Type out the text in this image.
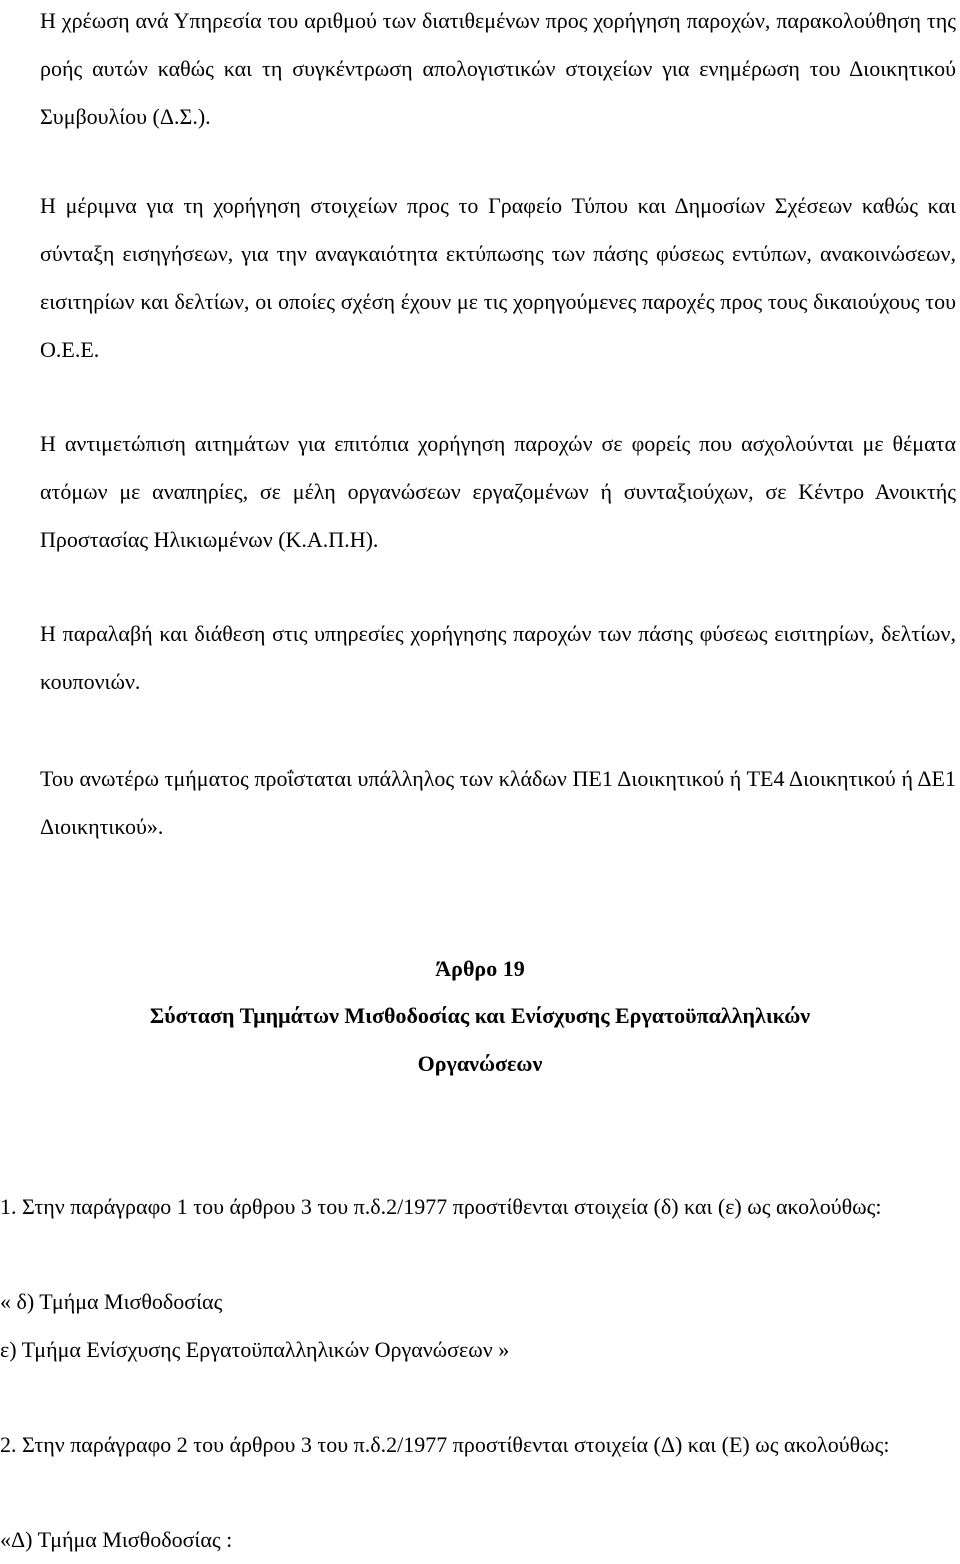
Η χρέωση ανά Υπηρεσία του αριθμού των διατιθεμένων προς χορήγηση παροχών, παρακολούθηση της ροής αυτών καθώς και τη συγκέντρωση απολογιστικών στοιχείων για ενημέρωση του Διοικητικού Συμβουλίου (Δ.Σ.).

Η μέριμνα για τη χορήγηση στοιχείων προς το Γραφείο Τύπου και Δημοσίων Σχέσεων καθώς και σύνταξη εισηγήσεων, για την αναγκαιότητα εκτύπωσης των πάσης φύσεως εντύπων, ανακοινώσεων, εισιτηρίων και δελτίων, οι οποίες σχέση έχουν με τις χορηγούμενες παροχές προς τους δικαιούχους του Ο.Ε.Ε.

Η αντιμετώπιση αιτημάτων για επιτόπια χορήγηση παροχών σε φορείς που ασχολούνται με θέματα ατόμων με αναπηρίες, σε μέλη οργανώσεων εργαζομένων ή συνταξιούχων, σε Κέντρο Ανοικτής Προστασίας Ηλικιωμένων (Κ.Α.Π.Η).

Η παραλαβή και διάθεση στις υπηρεσίες χορήγησης παροχών των πάσης φύσεως εισιτηρίων, δελτίων, κουπονιών.

Του ανωτέρω τμήματος προΐσταται υπάλληλος των κλάδων ΠΕ1 Διοικητικού ή ΤΕ4 Διοικητικού ή ΔΕ1 Διοικητικού».

Άρθρο 19

Σύσταση Τμημάτων Μισθοδοσίας και Ενίσχυσης Εργατοϋπαλληλικών

Οργανώσεων

1. Στην παράγραφο 1 του άρθρου 3 του π.δ.2/1977 προστίθενται στοιχεία (δ) και (ε) ως ακολούθως:

« δ) Τμήμα Μισθοδοσίας

ε) Τμήμα Ενίσχυσης Εργατοϋπαλληλικών Οργανώσεων »

2. Στην παράγραφο 2 του άρθρου 3 του π.δ.2/1977 προστίθενται στοιχεία (Δ) και (Ε) ως ακολούθως:

«Δ) Τμήμα Μισθοδοσίας :
